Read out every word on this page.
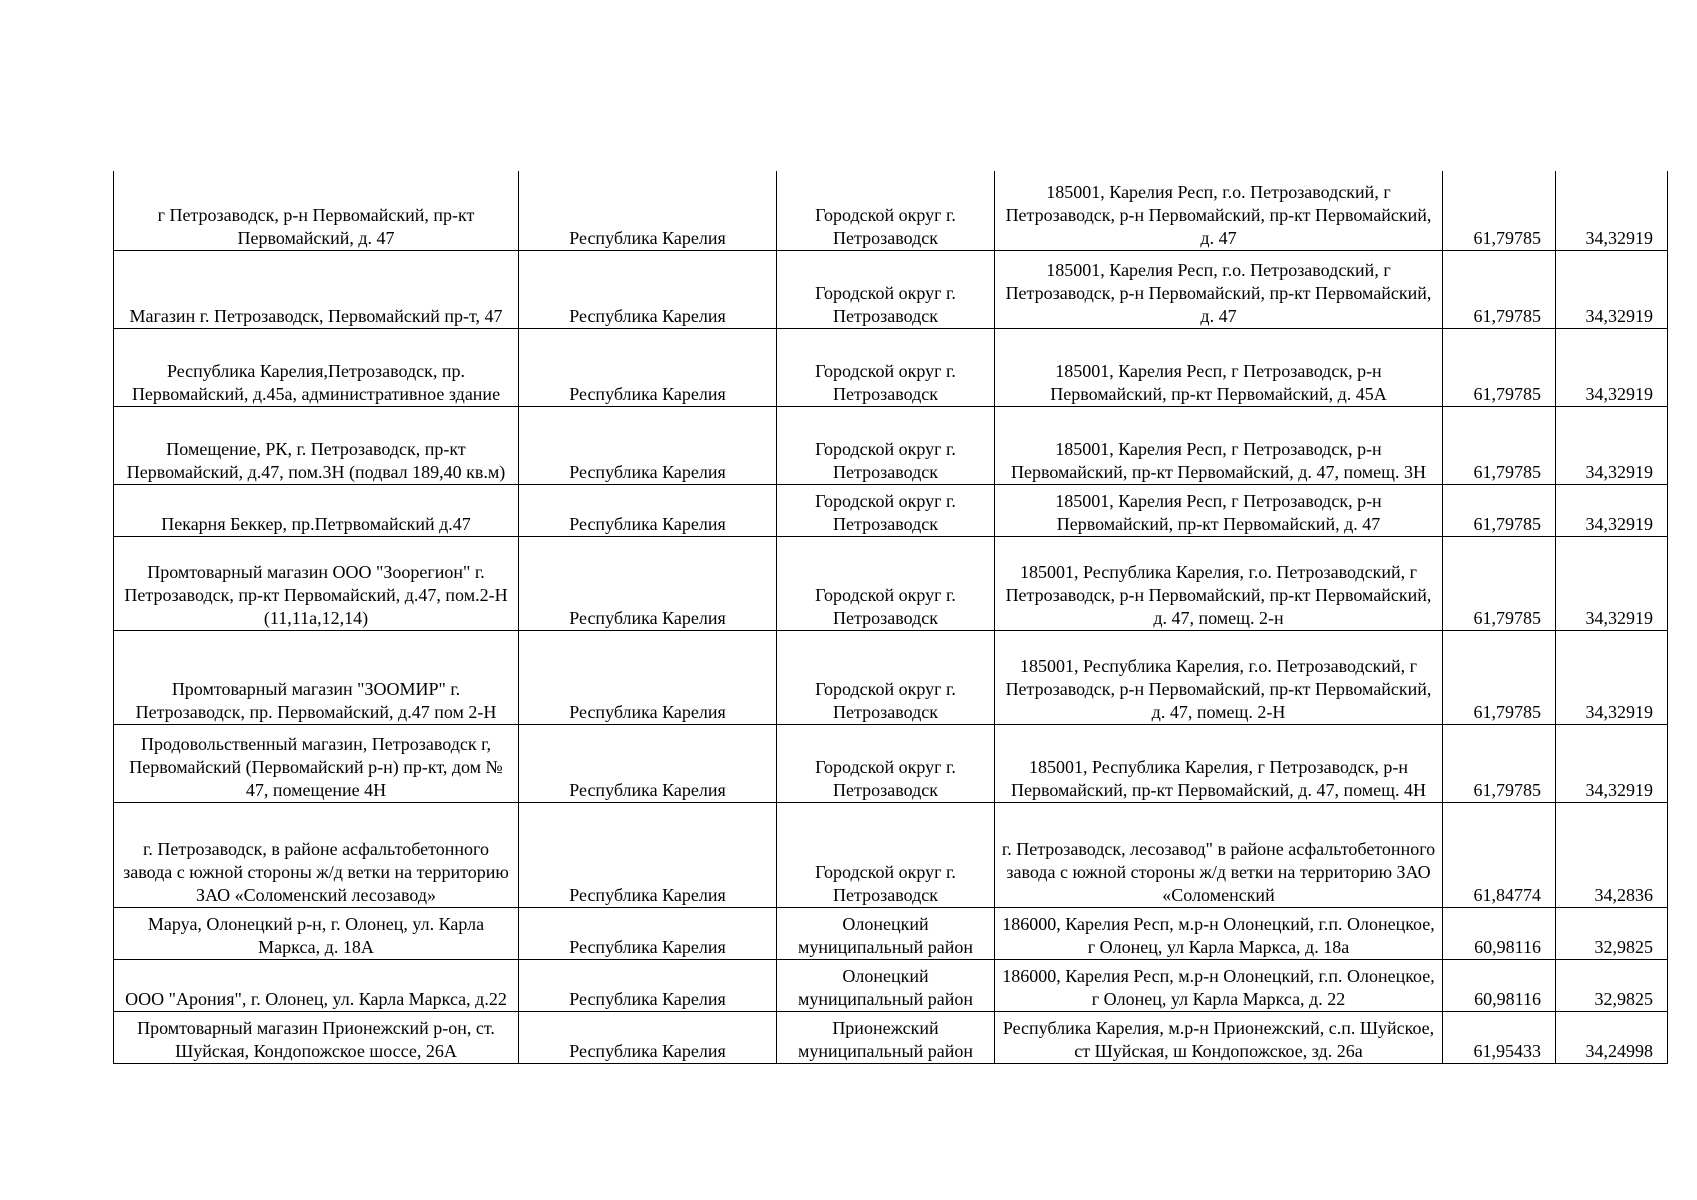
г Петрозаводск, р-н Первомайский, пр-кт Первомайский, д. 47	Республика Карелия	Городской округ г. Петрозаводск	185001, Карелия Респ, г.о. Петрозаводский, г Петрозаводск, р-н Первомайский, пр-кт Первомайский, д. 47	61,79785	34,32919
Магазин г. Петрозаводск, Первомайский пр-т, 47	Республика Карелия	Городской округ г. Петрозаводск	185001, Карелия Респ, г.о. Петрозаводский, г Петрозаводск, р-н Первомайский, пр-кт Первомайский, д. 47	61,79785	34,32919
Республика Карелия,Петрозаводск, пр. Первомайский, д.45а, административное здание	Республика Карелия	Городской округ г. Петрозаводск	185001, Карелия Респ, г Петрозаводск, р-н Первомайский, пр-кт Первомайский, д. 45А	61,79785	34,32919
Помещение, РК, г. Петрозаводск, пр-кт Первомайский, д.47, пом.3Н (подвал 189,40 кв.м)	Республика Карелия	Городской округ г. Петрозаводск	185001, Карелия Респ, г Петрозаводск, р-н Первомайский, пр-кт Первомайский, д. 47, помещ. 3Н	61,79785	34,32919
Пекарня Беккер, пр.Петрвомайский д.47	Республика Карелия	Городской округ г. Петрозаводск	185001, Карелия Респ, г Петрозаводск, р-н Первомайский, пр-кт Первомайский, д. 47	61,79785	34,32919
Промтоварный магазин ООО "Зоорегион" г. Петрозаводск, пр-кт Первомайский, д.47, пом.2-Н (11,11а,12,14)	Республика Карелия	Городской округ г. Петрозаводск	185001, Республика Карелия, г.о. Петрозаводский, г Петрозаводск, р-н Первомайский, пр-кт Первомайский, д. 47, помещ. 2-н	61,79785	34,32919
Промтоварный магазин "ЗООМИР" г. Петрозаводск, пр. Первомайский, д.47 пом 2-Н	Республика Карелия	Городской округ г. Петрозаводск	185001, Республика Карелия, г.о. Петрозаводский, г Петрозаводск, р-н Первомайский, пр-кт Первомайский, д. 47, помещ. 2-Н	61,79785	34,32919
Продовольственный магазин, Петрозаводск г, Первомайский (Первомайский р-н) пр-кт, дом № 47, помещение 4Н	Республика Карелия	Городской округ г. Петрозаводск	185001, Республика Карелия, г Петрозаводск, р-н Первомайский, пр-кт Первомайский, д. 47, помещ. 4Н	61,79785	34,32919
г. Петрозаводск, в районе асфальтобетонного завода с южной стороны ж/д ветки на территорию ЗАО «Соломенский лесозавод»	Республика Карелия	Городской округ г. Петрозаводск	г. Петрозаводск, лесозавод" в районе асфальтобетонного завода с южной стороны ж/д ветки на территорию ЗАО «Соломенский	61,84774	34,2836
Маруа, Олонецкий р-н, г. Олонец, ул. Карла Маркса, д. 18А	Республика Карелия	Олонецкий муниципальный район	186000, Карелия Респ, м.р-н Олонецкий, г.п. Олонецкое, г Олонец, ул Карла Маркса, д. 18а	60,98116	32,9825
ООО "Арония", г. Олонец, ул. Карла Маркса, д.22	Республика Карелия	Олонецкий муниципальный район	186000, Карелия Респ, м.р-н Олонецкий, г.п. Олонецкое, г Олонец, ул Карла Маркса, д. 22	60,98116	32,9825
Промтоварный магазин Прионежский р-он, ст. Шуйская, Кондопожское шоссе, 26А	Республика Карелия	Прионежский муниципальный район	Республика Карелия, м.р-н Прионежский, с.п. Шуйское, ст Шуйская, ш Кондопожское, зд. 26а	61,95433	34,24998
